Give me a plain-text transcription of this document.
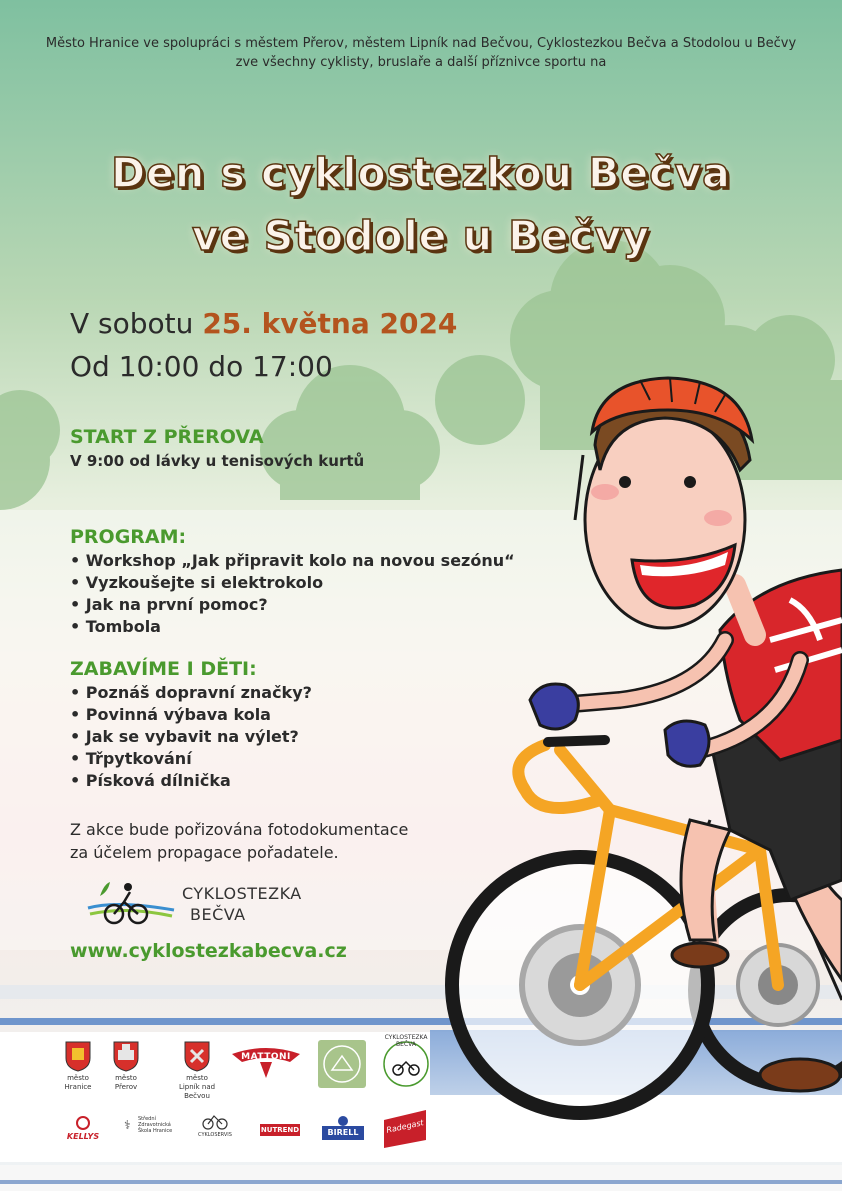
Město Hranice ve spolupráci s městem Přerov, městem Lipník nad Bečvou, Cyklostezkou Bečva a Stodolou u Bečvy
zve všechny cyklisty, bruslaře a další příznivce sportu na
Den s cyklostezkou Bečva
ve Stodole u Bečvy
V sobotu 25. května 2024
Od 10:00 do 17:00
START Z PŘEROVA
V 9:00 od lávky u tenisových kurtů
PROGRAM:
• Workshop „Jak připravit kolo na novou sezónu“
• Vyzkoušejte si elektrokolo
• Jak na první pomoc?
• Tombola
ZABAVÍME I DĚTI:
• Poznáš dopravní značky?
• Povinná výbava kola
• Jak se vybavit na výlet?
• Třpytkování
• Písková dílnička
Z akce bude pořizována fotodokumentace
za účelem propagace pořadatele.
CYKLOSTEZKA
BEČVA
www.cyklostezkabecva.cz
město
Hranice
město
Přerov
město
Lipník nad Bečvou
MATTONI
CYKLOSTEZKA BEČVA
KELLYS
⚕ Střední
Zdravotnická
Škola Hranice
CYKLOSERVIS
NUTREND	BIRELL	Radegast
